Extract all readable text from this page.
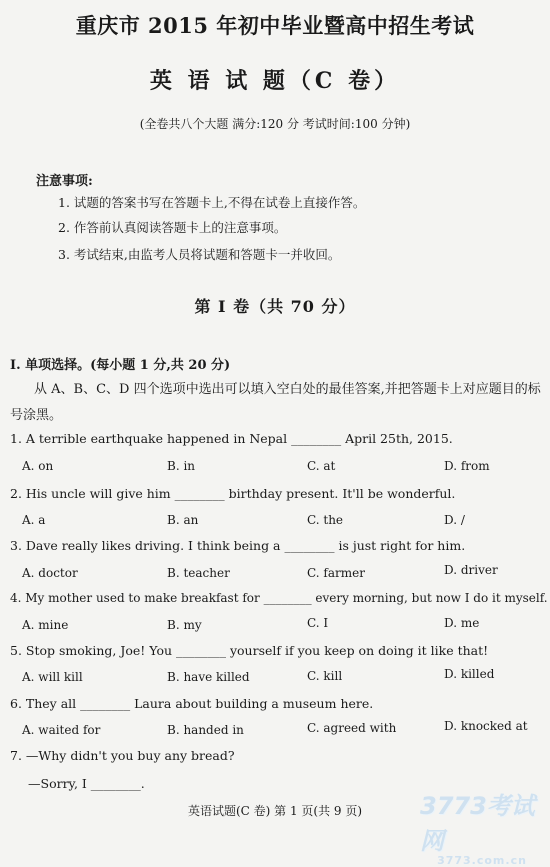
重庆市 2015 年初中毕业暨高中招生考试
英 语 试 题（C 卷）
(全卷共八个大题 满分:120 分 考试时间:100 分钟)
注意事项:
1. 试题的答案书写在答题卡上,不得在试卷上直接作答。
2. 作答前认真阅读答题卡上的注意事项。
3. 考试结束,由监考人员将试题和答题卡一并收回。
第 I 卷（共 70 分）
I. 单项选择。(每小题 1 分,共 20 分)
从 A、B、C、D 四个选项中选出可以填入空白处的最佳答案,并把答题卡上对应题目的标号涂黑。
1. A terrible earthquake happened in Nepal ________ April 25th, 2015.
A. on	B. in	C. at	D. from
2. His uncle will give him ________ birthday present. It'll be wonderful.
A. a	B. an	C. the	D. /
3. Dave really likes driving. I think being a ________ is just right for him.
A. doctor	B. teacher	C. farmer	D. driver
4. My mother used to make breakfast for ________ every morning, but now I do it myself.
A. mine	B. my	C. I	D. me
5. Stop smoking, Joe! You ________ yourself if you keep on doing it like that!
A. will kill	B. have killed	C. kill	D. killed
6. They all ________ Laura about building a museum here.
A. waited for	B. handed in	C. agreed with	D. knocked at
7. —Why didn't you buy any bread?
—Sorry, I ________.
英语试题(C 卷) 第 1 页(共 9 页)	3773考试网
3773.com.cn
